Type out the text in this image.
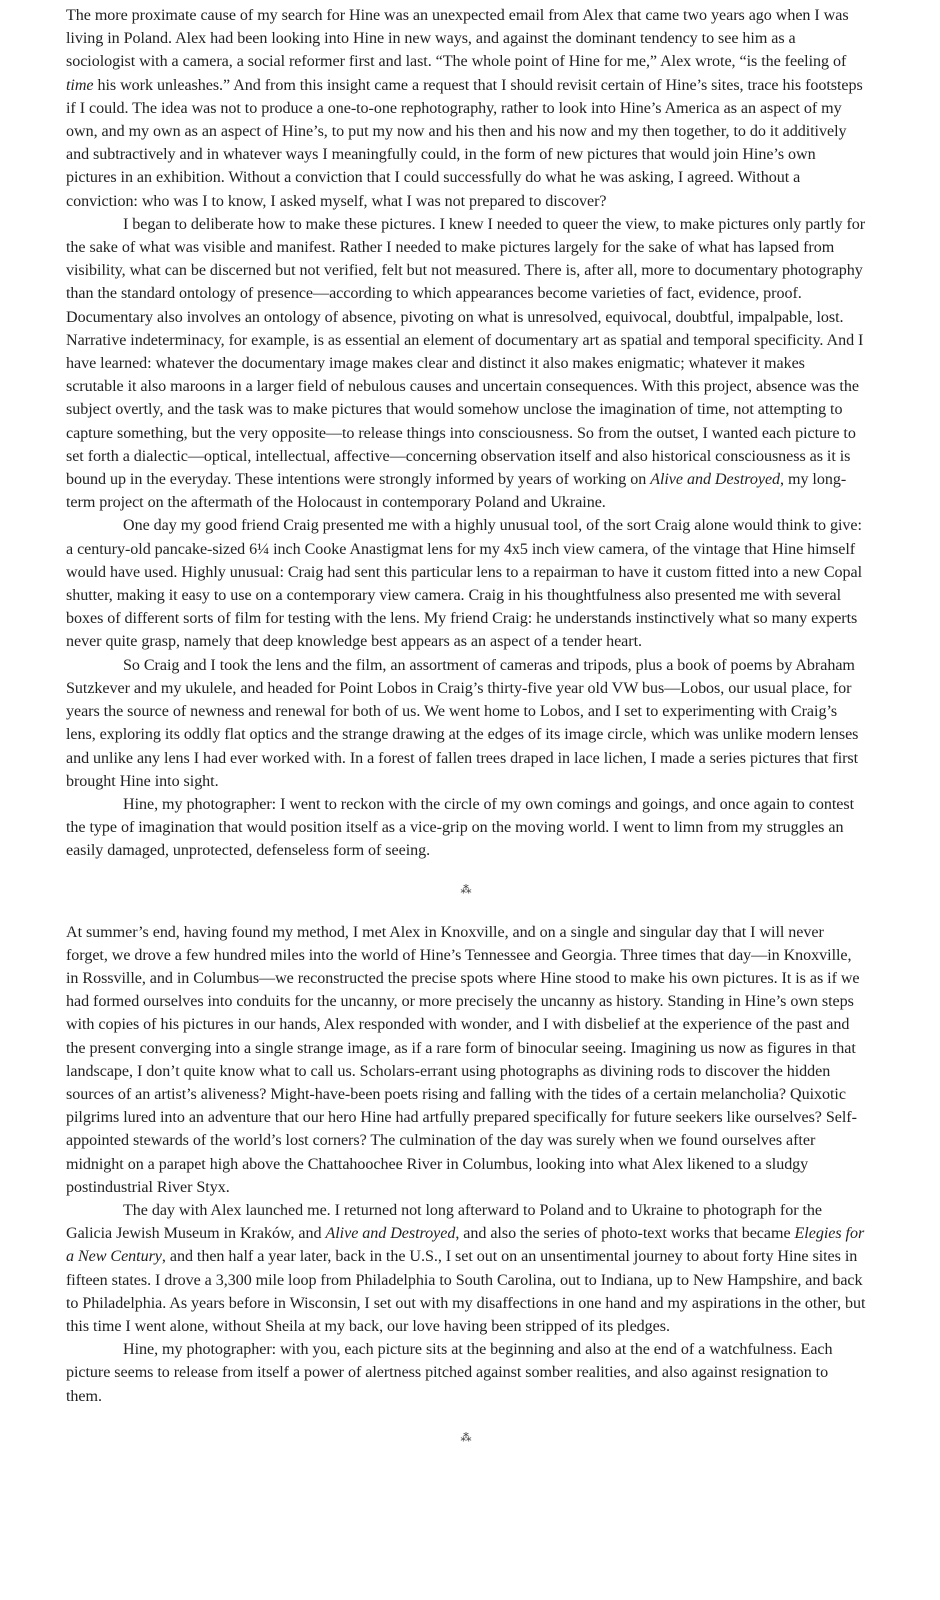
The more proximate cause of my search for Hine was an unexpected email from Alex that came two years ago when I was living in Poland. Alex had been looking into Hine in new ways, and against the dominant tendency to see him as a sociologist with a camera, a social reformer first and last. “The whole point of Hine for me,” Alex wrote, “is the feeling of time his work unleashes.” And from this insight came a request that I should revisit certain of Hine’s sites, trace his footsteps if I could. The idea was not to produce a one-to-one rephotography, rather to look into Hine’s America as an aspect of my own, and my own as an aspect of Hine’s, to put my now and his then and his now and my then together, to do it additively and subtractively and in whatever ways I meaningfully could, in the form of new pictures that would join Hine’s own pictures in an exhibition. Without a conviction that I could successfully do what he was asking, I agreed. Without a conviction: who was I to know, I asked myself, what I was not prepared to discover?

I began to deliberate how to make these pictures. I knew I needed to queer the view, to make pictures only partly for the sake of what was visible and manifest. Rather I needed to make pictures largely for the sake of what has lapsed from visibility, what can be discerned but not verified, felt but not measured. There is, after all, more to documentary photography than the standard ontology of presence—according to which appearances become varieties of fact, evidence, proof. Documentary also involves an ontology of absence, pivoting on what is unresolved, equivocal, doubtful, impalpable, lost. Narrative indeterminacy, for example, is as essential an element of documentary art as spatial and temporal specificity. And I have learned: whatever the documentary image makes clear and distinct it also makes enigmatic; whatever it makes scrutable it also maroons in a larger field of nebulous causes and uncertain consequences. With this project, absence was the subject overtly, and the task was to make pictures that would somehow unclose the imagination of time, not attempting to capture something, but the very opposite—to release things into consciousness. So from the outset, I wanted each picture to set forth a dialectic—optical, intellectual, affective—concerning observation itself and also historical consciousness as it is bound up in the everyday. These intentions were strongly informed by years of working on Alive and Destroyed, my long-term project on the aftermath of the Holocaust in contemporary Poland and Ukraine.

One day my good friend Craig presented me with a highly unusual tool, of the sort Craig alone would think to give: a century-old pancake-sized 6¼ inch Cooke Anastigmat lens for my 4x5 inch view camera, of the vintage that Hine himself would have used. Highly unusual: Craig had sent this particular lens to a repairman to have it custom fitted into a new Copal shutter, making it easy to use on a contemporary view camera. Craig in his thoughtfulness also presented me with several boxes of different sorts of film for testing with the lens. My friend Craig: he understands instinctively what so many experts never quite grasp, namely that deep knowledge best appears as an aspect of a tender heart.

So Craig and I took the lens and the film, an assortment of cameras and tripods, plus a book of poems by Abraham Sutzkever and my ukulele, and headed for Point Lobos in Craig’s thirty-five year old VW bus—Lobos, our usual place, for years the source of newness and renewal for both of us. We went home to Lobos, and I set to experimenting with Craig’s lens, exploring its oddly flat optics and the strange drawing at the edges of its image circle, which was unlike modern lenses and unlike any lens I had ever worked with. In a forest of fallen trees draped in lace lichen, I made a series pictures that first brought Hine into sight.

Hine, my photographer: I went to reckon with the circle of my own comings and goings, and once again to contest the type of imagination that would position itself as a vice-grip on the moving world. I went to limn from my struggles an easily damaged, unprotected, defenseless form of seeing.

⁂

At summer’s end, having found my method, I met Alex in Knoxville, and on a single and singular day that I will never forget, we drove a few hundred miles into the world of Hine’s Tennessee and Georgia. Three times that day—in Knoxville, in Rossville, and in Columbus—we reconstructed the precise spots where Hine stood to make his own pictures. It is as if we had formed ourselves into conduits for the uncanny, or more precisely the uncanny as history. Standing in Hine’s own steps with copies of his pictures in our hands, Alex responded with wonder, and I with disbelief at the experience of the past and the present converging into a single strange image, as if a rare form of binocular seeing. Imagining us now as figures in that landscape, I don’t quite know what to call us. Scholars-errant using photographs as divining rods to discover the hidden sources of an artist’s aliveness? Might-have-been poets rising and falling with the tides of a certain melancholia? Quixotic pilgrims lured into an adventure that our hero Hine had artfully prepared specifically for future seekers like ourselves? Self-appointed stewards of the world’s lost corners? The culmination of the day was surely when we found ourselves after midnight on a parapet high above the Chattahoochee River in Columbus, looking into what Alex likened to a sludgy postindustrial River Styx.

The day with Alex launched me. I returned not long afterward to Poland and to Ukraine to photograph for the Galicia Jewish Museum in Kraków, and Alive and Destroyed, and also the series of photo-text works that became Elegies for a New Century, and then half a year later, back in the U.S., I set out on an unsentimental journey to about forty Hine sites in fifteen states. I drove a 3,300 mile loop from Philadelphia to South Carolina, out to Indiana, up to New Hampshire, and back to Philadelphia. As years before in Wisconsin, I set out with my disaffections in one hand and my aspirations in the other, but this time I went alone, without Sheila at my back, our love having been stripped of its pledges.

Hine, my photographer: with you, each picture sits at the beginning and also at the end of a watchfulness. Each picture seems to release from itself a power of alertness pitched against somber realities, and also against resignation to them.

⁂
